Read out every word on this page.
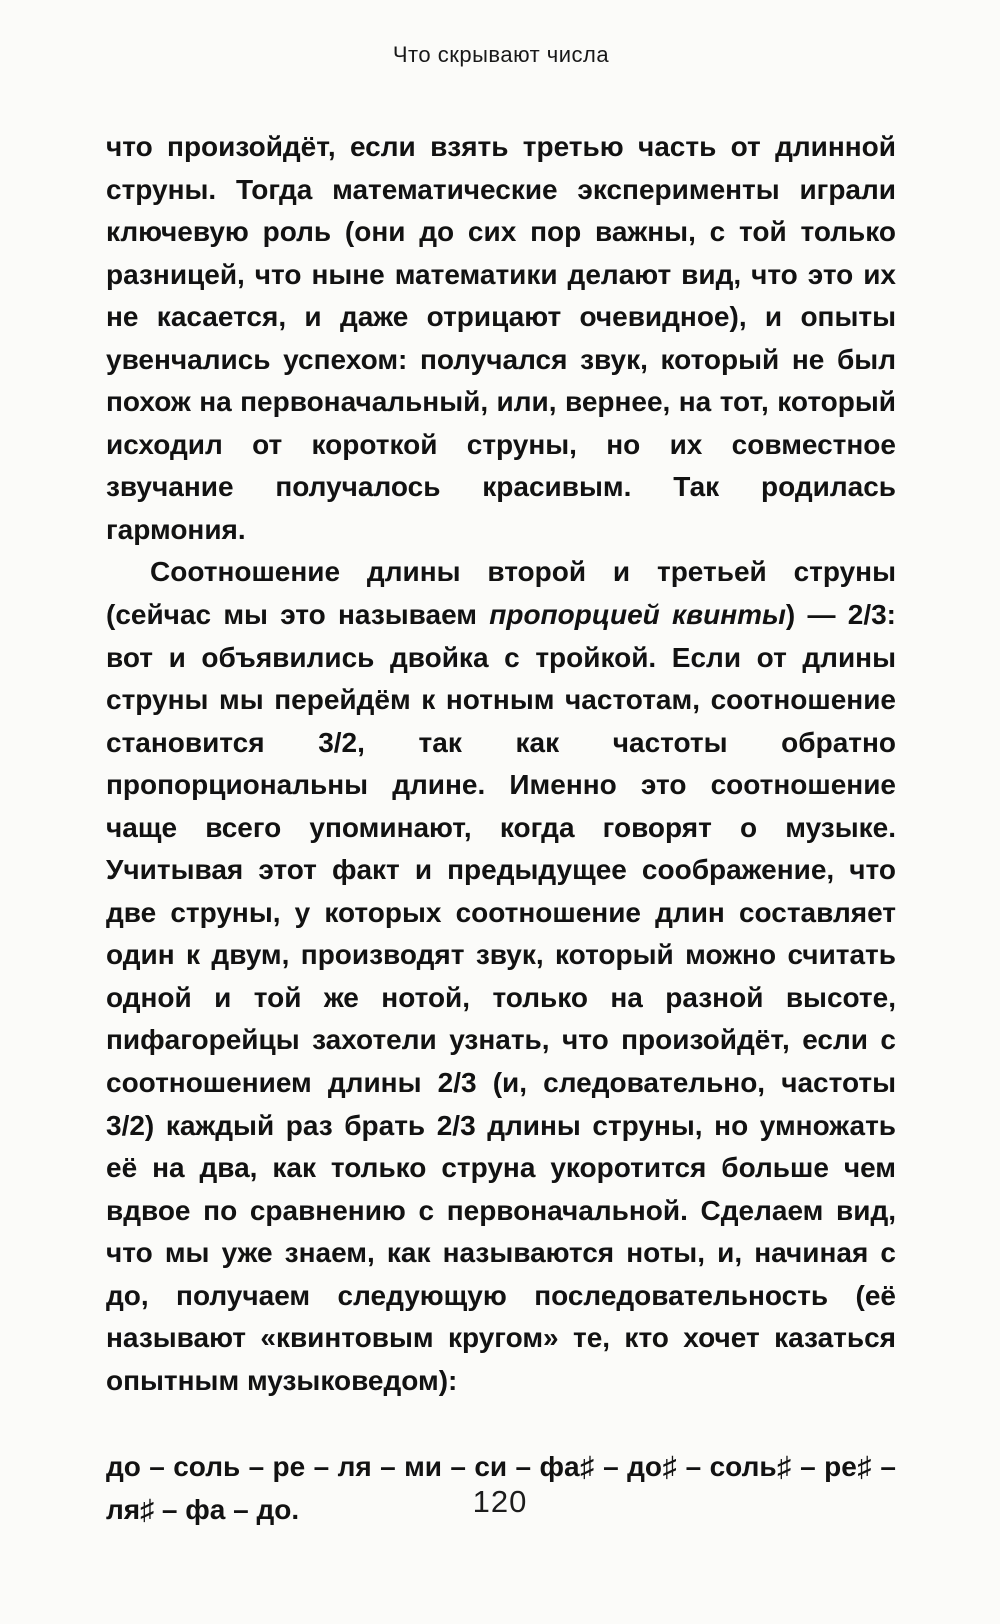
Что скрывают числа

что произойдёт, если взять третью часть от длинной струны. Тогда математические эксперименты играли ключевую роль (они до сих пор важны, с той только разницей, что ныне математики делают вид, что это их не касается, и даже отрицают очевидное), и опыты увенчались успехом: получался звук, который не был похож на первоначальный, или, вернее, на тот, который исходил от короткой струны, но их совместное звучание получалось красивым. Так родилась гармония.

Соотношение длины второй и третьей струны (сейчас мы это называем пропорцией квинты) — 2/3: вот и объявились двойка с тройкой. Если от длины струны мы перейдём к нотным частотам, соотношение становится 3/2, так как частоты обратно пропорциональны длине. Именно это соотношение чаще всего упоминают, когда говорят о музыке. Учитывая этот факт и предыдущее соображение, что две струны, у которых соотношение длин составляет один к двум, производят звук, который можно считать одной и той же нотой, только на разной высоте, пифагорейцы захотели узнать, что произойдёт, если с соотношением длины 2/3 (и, следовательно, частоты 3/2) каждый раз брать 2/3 длины струны, но умножать её на два, как только струна укоротится больше чем вдвое по сравнению с первоначальной. Сделаем вид, что мы уже знаем, как называются ноты, и, начиная с до, получаем следующую последовательность (её называют «квинтовым кругом» те, кто хочет казаться опытным музыковедом):

до – соль – ре – ля – ми – си – фа♯ – до♯ – соль♯ – ре♯ – ля♯ – фа – до.	120
